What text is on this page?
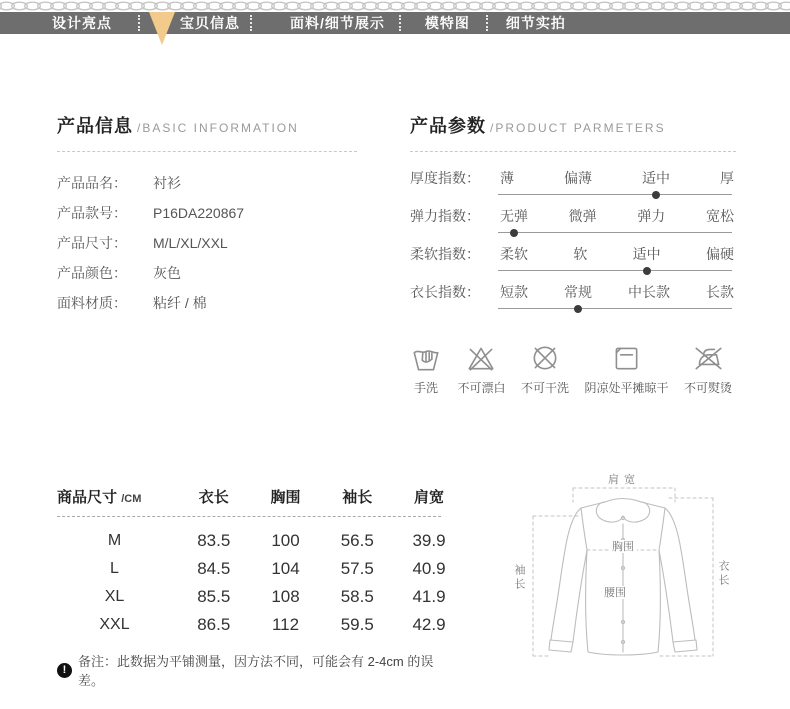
设计亮点	宝贝信息	面料/细节展示	模特图	细节实拍
产品信息 /BASIC INFORMATION
产品品名： 衬衫
产品款号： P16DA220867
产品尺寸： M/L/XL/XXL
产品颜色： 灰色
面料材质： 粘纤 / 棉
产品参数 /PRODUCT PARMETERS
厚度指数：	薄	偏薄	适中	厚
弹力指数：	无弹	微弹	弹力	宽松
柔软指数：	柔软	软	适中	偏硬
衣长指数：	短款	常规	中长款	长款
手洗 不可漂白 不可干洗 阴凉处平摊晾干 不可熨烫
商品尺寸 /CM	衣长	胸围	袖长	肩宽
M	83.5	100	56.5	39.9
L	84.5	104	57.5	40.9
XL	85.5	108	58.5	41.9
XXL	86.5	112	59.5	42.9
!
备注：此数据为平铺测量，因方法不同，可能会有 2-4cm 的误差。
肩宽
胸围
腰围
袖长	衣长
